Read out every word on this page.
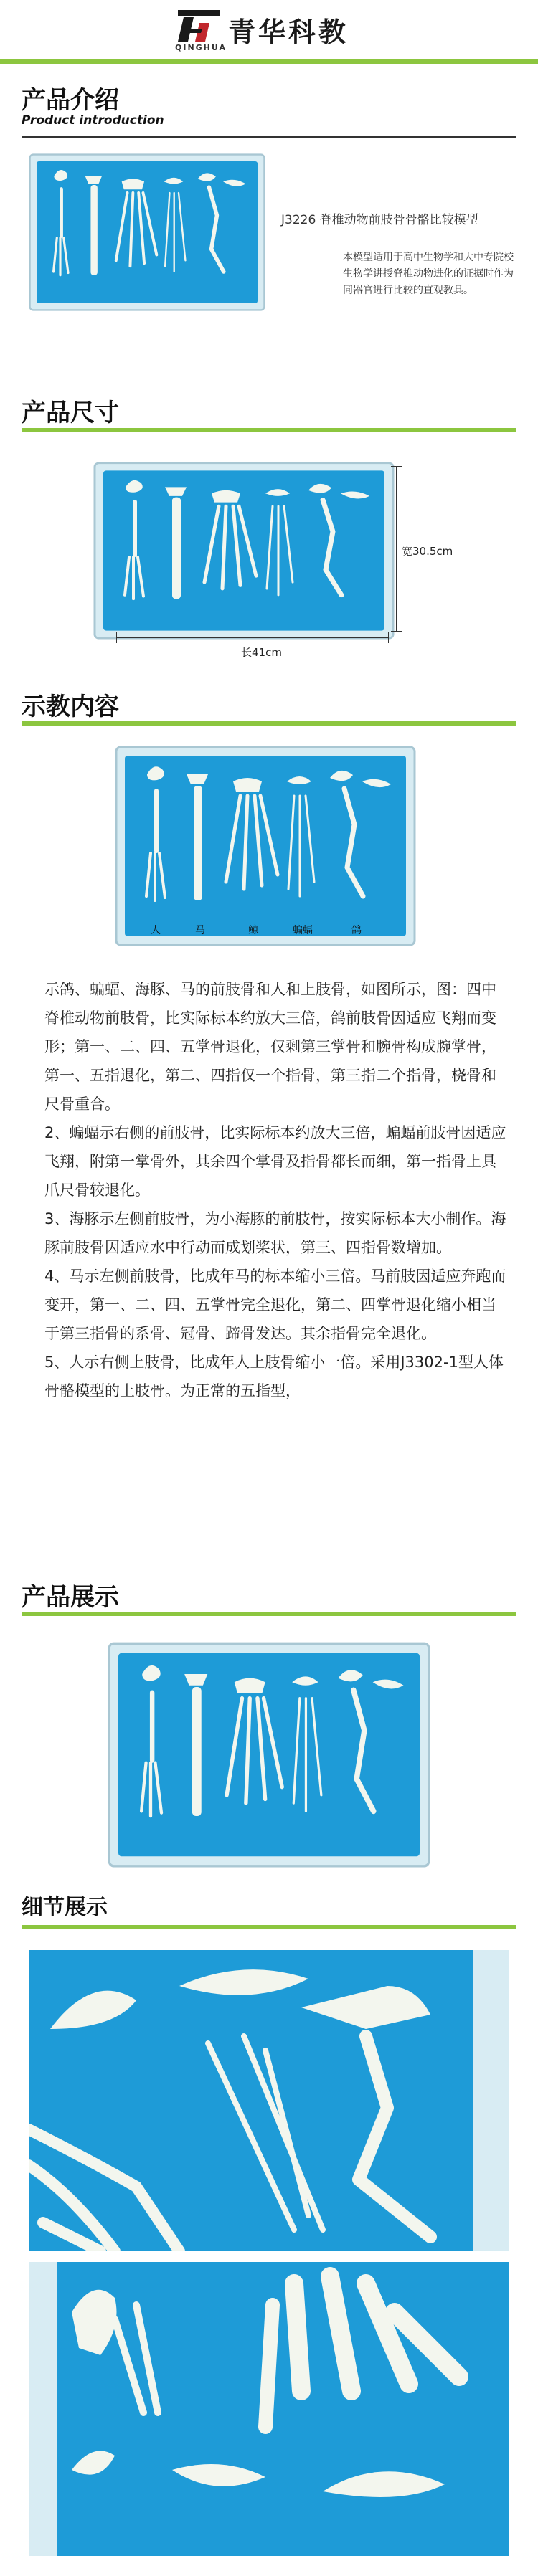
QINGHUA 青华科教
产品介绍
Product introduction
J3226 脊椎动物前肢骨骨骼比较模型
本模型适用于高中生物学和大中专院校生物学讲授脊椎动物进化的证据时作为同器官进行比较的直观教具。
产品尺寸
宽30.5cm
长41cm
示教内容
人	马	鲸	蝙蝠	鸽

示鸽、蝙蝠、海豚、马的前肢骨和人和上肢骨，如图所示，图：四中脊椎动物前肢骨，比实际标本约放大三倍，鸽前肢骨因适应飞翔而变形；第一、二、四、五掌骨退化，仅剩第三掌骨和腕骨构成腕掌骨，第一、五指退化，第二、四指仅一个指骨，第三指二个指骨，桡骨和尺骨重合。

2、蝙蝠示右侧的前肢骨，比实际标本约放大三倍，蝙蝠前肢骨因适应飞翔，附第一掌骨外，其余四个掌骨及指骨都长而细，第一指骨上具爪尺骨较退化。

3、海豚示左侧前肢骨，为小海豚的前肢骨，按实际标本大小制作。海豚前肢骨因适应水中行动而成划桨状，第三、四指骨数增加。

4、马示左侧前肢骨，比成年马的标本缩小三倍。马前肢因适应奔跑而变开，第一、二、四、五掌骨完全退化，第二、四掌骨退化缩小相当于第三指骨的系骨、冠骨、蹄骨发达。其余指骨完全退化。

5、人示右侧上肢骨，比成年人上肢骨缩小一倍。采用J3302-1型人体骨骼模型的上肢骨。为正常的五指型，

产品展示
细节展示
